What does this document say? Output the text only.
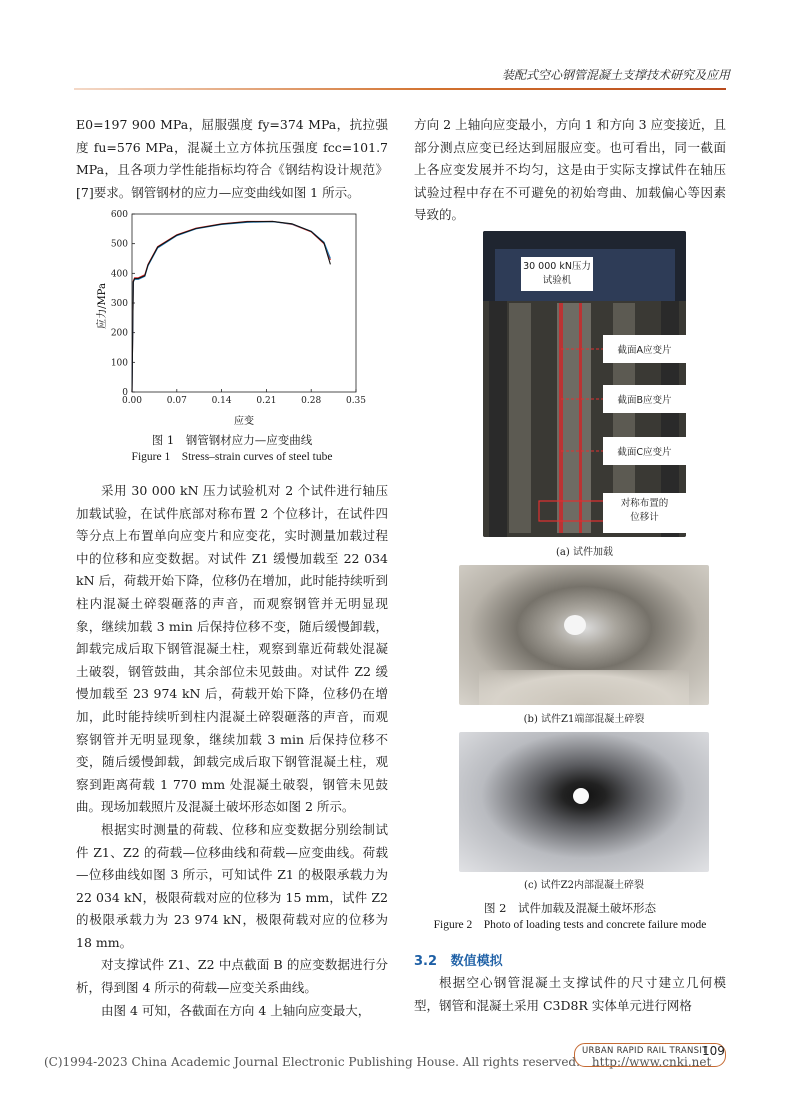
装配式空心钢管混凝土支撑技术研究及应用

E0=197 900 MPa，屈服强度 fy=374 MPa，抗拉强度 fu=576 MPa，混凝土立方体抗压强度 fcc=101.7 MPa，且各项力学性能指标均符合《钢结构设计规范》[7]要求。钢管钢材的应力—应变曲线如图 1 所示。

0.00	0.07	0.14	0.21	0.28	0.35
0
100
200
300
400
500
600
应变
应力/MPa
图 1　钢管钢材应力—应变曲线
Figure 1　Stress–strain curves of steel tube

采用 30 000 kN 压力试验机对 2 个试件进行轴压加载试验，在试件底部对称布置 2 个位移计，在试件四等分点上布置单向应变片和应变花，实时测量加载过程中的位移和应变数据。对试件 Z1 缓慢加载至 22 034 kN 后，荷载开始下降，位移仍在增加，此时能持续听到柱内混凝土碎裂砸落的声音，而观察钢管并无明显现象，继续加载 3 min 后保持位移不变，随后缓慢卸载，卸载完成后取下钢管混凝土柱，观察到靠近荷载处混凝土破裂，钢管鼓曲，其余部位未见鼓曲。对试件 Z2 缓慢加载至 23 974 kN 后，荷载开始下降，位移仍在增加，此时能持续听到柱内混凝土碎裂砸落的声音，而观察钢管并无明显现象，继续加载 3 min 后保持位移不变，随后缓慢卸载，卸载完成后取下钢管混凝土柱，观察到距离荷载 1 770 mm 处混凝土破裂，钢管未见鼓曲。现场加载照片及混凝土破坏形态如图 2 所示。

根据实时测量的荷载、位移和应变数据分别绘制试件 Z1、Z2 的荷载—位移曲线和荷载—应变曲线。荷载—位移曲线如图 3 所示，可知试件 Z1 的极限承载力为 22 034 kN，极限荷载对应的位移为 15 mm，试件 Z2 的极限承载力为 23 974 kN，极限荷载对应的位移为 18 mm。

对支撑试件 Z1、Z2 中点截面 B 的应变数据进行分析，得到图 4 所示的荷载—应变关系曲线。

由图 4 可知，各截面在方向 4 上轴向应变最大，

方向 2 上轴向应变最小，方向 1 和方向 3 应变接近，且部分测点应变已经达到屈服应变。也可看出，同一截面上各应变发展并不均匀，这是由于实际支撑试件在轴压试验过程中存在不可避免的初始弯曲、加载偏心等因素导致的。

30 000 kN压力
试验机
截面A应变片
截面B应变片
截面C应变片
对称布置的
位移计
(a) 试件加载
(b) 试件Z1端部混凝土碎裂
(c) 试件Z2内部混凝土碎裂
图 2　试件加载及混凝土破坏形态
Figure 2　Photo of loading tests and concrete failure mode
3.2 数值模拟

根据空心钢管混凝土支撑试件的尺寸建立几何模型，钢管和混凝土采用 C3D8R 实体单元进行网格

(C)1994-2023 China Academic Journal Electronic Publishing House. All rights reserved.　http://www.cnki.net
URBAN RAPID RAIL TRANSIT
109
